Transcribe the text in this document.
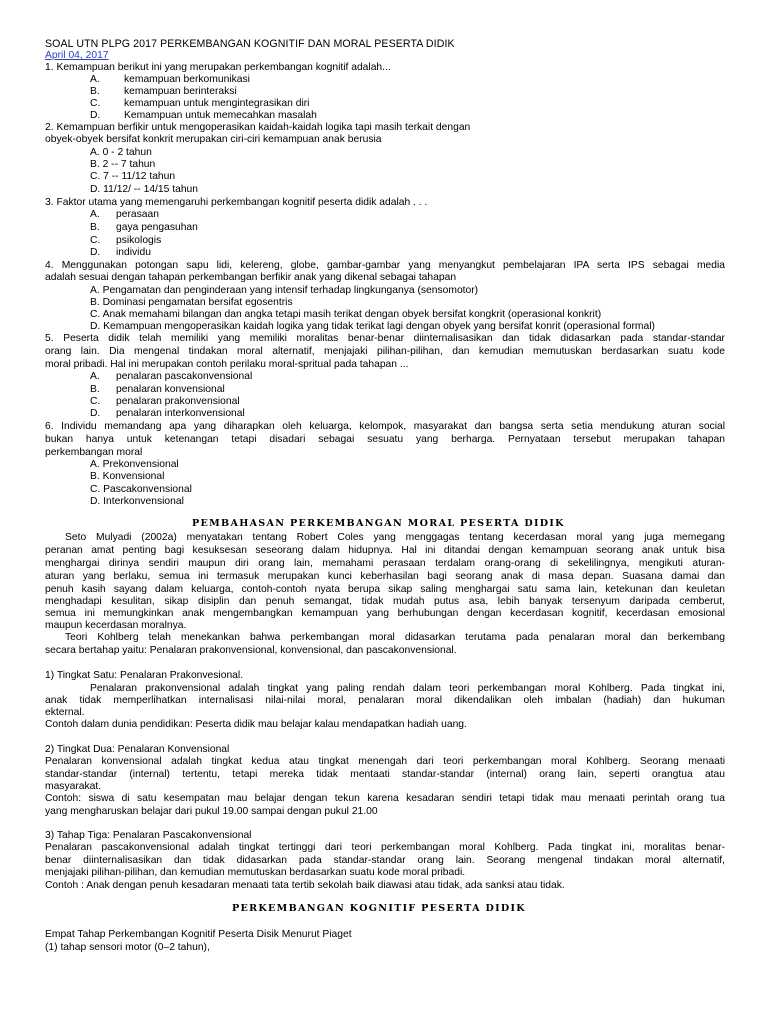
SOAL UTN PLPG 2017 PERKEMBANGAN KOGNITIF DAN MORAL PESERTA DIDIK
April 04, 2017
1. Kemampuan berikut ini yang merupakan perkembangan kognitif adalah...
A. kemampuan berkomunikasi
B. kemampuan berinteraksi
C. kemampuan untuk mengintegrasikan diri
D. Kemampuan untuk memecahkan masalah
2. Kemampuan berfikir untuk mengoperasikan kaidah-kaidah logika tapi masih terkait dengan
obyek-obyek bersifat konkrit merupakan ciri-ciri kemampuan anak berusia
A. 0 - 2 tahun
B. 2 -- 7 tahun
C. 7 -- 11/12 tahun
D. 11/12/ -- 14/15 tahun
3. Faktor utama yang memengaruhi perkembangan kognitif peserta didik adalah . . .
A. perasaan
B. gaya pengasuhan
C. psikologis
D. individu
4. Menggunakan potongan sapu lidi, kelereng, globe, gambar-gambar yang menyangkut pembelajaran IPA serta IPS sebagai media
adalah sesuai dengan tahapan perkembangan berfikir anak yang dikenal sebagai tahapan
A. Pengamatan dan penginderaan yang intensif terhadap lingkunganya (sensomotor)
B. Dominasi pengamatan bersifat egosentris
C. Anak memahami bilangan dan angka tetapi masih terikat dengan obyek bersifat kongkrit (operasional konkrit)
D. Kemampuan mengoperasikan kaidah logika yang tidak terikat lagi dengan obyek yang bersifat konrit (operasional formal)
5. Peserta didik telah memiliki yang memiliki moralitas benar-benar diinternalisasikan dan tidak didasarkan pada standar-standar
orang lain. Dia mengenal tindakan moral alternatif, menjajaki pilihan-pilihan, dan kemudian memutuskan berdasarkan suatu kode
moral pribadi. Hal ini merupakan contoh perilaku moral-spritual pada tahapan ...
A. penalaran pascakonvensional
B. penalaran konvensional
C. penalaran prakonvensional
D. penalaran interkonvensional
6. Individu memandang apa yang diharapkan oleh keluarga, kelompok, masyarakat dan bangsa serta setia mendukung aturan social
bukan hanya untuk ketenangan tetapi disadari sebagai sesuatu yang berharga. Pernyataan tersebut merupakan tahapan
perkembangan moral
A. Prekonvensional
B. Konvensional
C. Pascakonvensional
D. Interkonvensional
PEMBAHASAN PERKEMBANGAN MORAL PESERTA DIDIK
Seto Mulyadi (2002a) menyatakan tentang Robert Coles yang menggagas tentang kecerdasan moral yang juga memegang
peranan amat penting bagi kesuksesan seseorang dalam hidupnya. Hal ini ditandai dengan kemampuan seorang anak untuk bisa
menghargai dirinya sendiri maupun diri orang lain, memahami perasaan terdalam orang-orang di sekelilingnya, mengikuti aturan-
aturan yang berlaku, semua ini termasuk merupakan kunci keberhasilan bagi seorang anak di masa depan. Suasana damai dan
penuh kasih sayang dalam keluarga, contoh-contoh nyata berupa sikap saling menghargai satu sama lain, ketekunan dan keuletan
menghadapi kesulitan, sikap disiplin dan penuh semangat, tidak mudah putus asa, lebih banyak tersenyum daripada cemberut,
semua ini memungkinkan anak mengembangkan kemampuan yang berhubungan dengan kecerdasan kognitif, kecerdasan emosional
maupun kecerdasan moralnya.
Teori Kohlberg telah menekankan bahwa perkembangan moral didasarkan terutama pada penalaran moral dan berkembang
secara bertahap yaitu: Penalaran prakonvensional, konvensional, dan pascakonvensional.
1) Tingkat Satu: Penalaran Prakonvesional.
Penalaran prakonvensional adalah tingkat yang paling rendah dalam teori perkembangan moral Kohlberg. Pada tingkat ini,
anak tidak memperlihatkan internalisasi nilai-nilai moral, penalaran moral dikendalikan oleh imbalan (hadiah) dan hukuman
ekternal.
Contoh dalam dunia pendidikan: Peserta didik mau belajar kalau mendapatkan hadiah uang.
2) Tingkat Dua: Penalaran Konvensional
Penalaran konvensional adalah tingkat kedua atau tingkat menengah dari teori perkembangan moral Kohlberg. Seorang menaati
standar-standar (internal) tertentu, tetapi mereka tidak mentaati standar-standar (internal) orang lain, seperti orangtua atau
masyarakat.
Contoh: siswa di satu kesempatan mau belajar dengan tekun karena kesadaran sendiri tetapi tidak mau menaati perintah orang tua
yang mengharuskan belajar dari pukul 19.00 sampai dengan pukul 21.00
3) Tahap Tiga: Penalaran Pascakonvensional
Penalaran pascakonvensional adalah tingkat tertinggi dari teori perkembangan moral Kohlberg. Pada tingkat ini, moralitas benar-
benar diinternalisasikan dan tidak didasarkan pada standar-standar orang lain. Seorang mengenal tindakan moral alternatif,
menjajaki pilihan-pilihan, dan kemudian memutuskan berdasarkan suatu kode moral pribadi.
Contoh : Anak dengan penuh kesadaran menaati tata tertib sekolah baik diawasi atau tidak, ada sanksi atau tidak.
PERKEMBANGAN KOGNITIF PESERTA DIDIK
Empat Tahap Perkembangan Kognitif Peserta Disik Menurut Piaget
(1) tahap sensori motor (0–2 tahun),
